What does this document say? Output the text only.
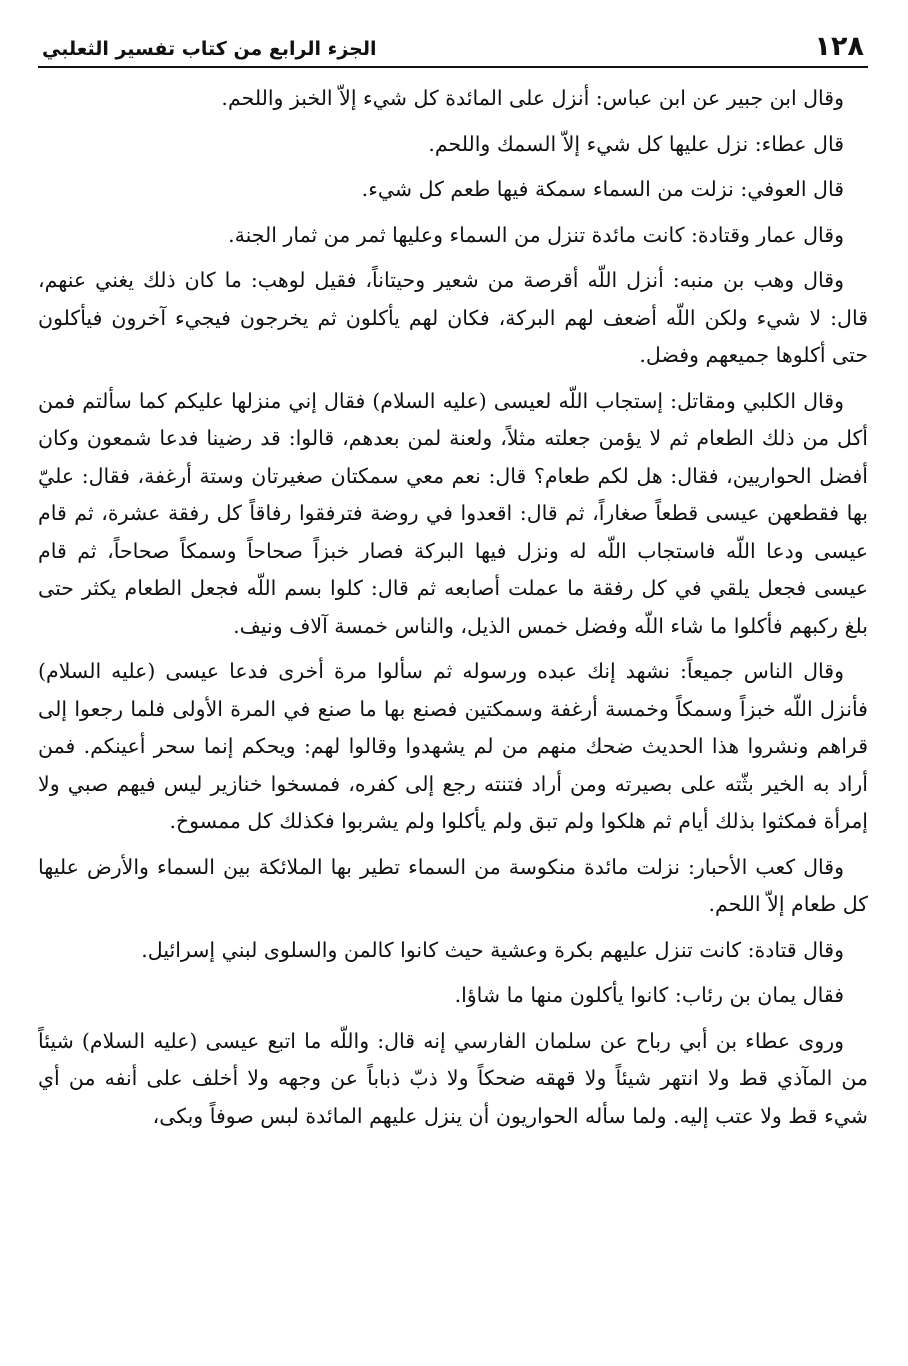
١٢٨
الجزء الرابع من كتاب تفسير الثعلبي

وقال ابن جبير عن ابن عباس: أنزل على المائدة كل شيء إلاّ الخبز واللحم.

قال عطاء: نزل عليها كل شيء إلاّ السمك واللحم.

قال العوفي: نزلت من السماء سمكة فيها طعم كل شيء.

وقال عمار وقتادة: كانت مائدة تنزل من السماء وعليها ثمر من ثمار الجنة.

وقال وهب بن منبه: أنزل اللّه أقرصة من شعير وحيتاناً، فقيل لوهب: ما كان ذلك يغني عنهم، قال: لا شيء ولكن اللّه أضعف لهم البركة، فكان لهم يأكلون ثم يخرجون فيجيء آخرون فيأكلون حتى أكلوها جميعهم وفضل.

وقال الكلبي ومقاتل: إستجاب اللّه لعيسى (عليه السلام) فقال إني منزلها عليكم كما سألتم فمن أكل من ذلك الطعام ثم لا يؤمن جعلته مثلاً، ولعنة لمن بعدهم، قالوا: قد رضينا فدعا شمعون وكان أفضل الحواريين، فقال: هل لكم طعام؟ قال: نعم معي سمكتان صغيرتان وستة أرغفة، فقال: عليّ بها فقطعهن عيسى قطعاً صغاراً، ثم قال: اقعدوا في روضة فترفقوا رفاقاً كل رفقة عشرة، ثم قام عيسى ودعا اللّه فاستجاب اللّه له ونزل فيها البركة فصار خبزاً صحاحاً وسمكاً صحاحاً، ثم قام عيسى فجعل يلقي في كل رفقة ما عملت أصابعه ثم قال: كلوا بسم اللّه فجعل الطعام يكثر حتى بلغ ركبهم فأكلوا ما شاء اللّه وفضل خمس الذيل، والناس خمسة آلاف ونيف.

وقال الناس جميعاً: نشهد إنك عبده ورسوله ثم سألوا مرة أخرى فدعا عيسى (عليه السلام) فأنزل اللّه خبزاً وسمكاً وخمسة أرغفة وسمكتين فصنع بها ما صنع في المرة الأولى فلما رجعوا إلى قراهم ونشروا هذا الحديث ضحك منهم من لم يشهدوا وقالوا لهم: ويحكم إنما سحر أعينكم. فمن أراد به الخير بثّته على بصيرته ومن أراد فتنته رجع إلى كفره، فمسخوا خنازير ليس فيهم صبي ولا إمرأة فمكثوا بذلك أيام ثم هلكوا ولم تبق ولم يأكلوا ولم يشربوا فكذلك كل ممسوخ.

وقال كعب الأحبار: نزلت مائدة منكوسة من السماء تطير بها الملائكة بين السماء والأرض عليها كل طعام إلاّ اللحم.

وقال قتادة: كانت تنزل عليهم بكرة وعشية حيث كانوا كالمن والسلوى لبني إسرائيل.

فقال يمان بن رئاب: كانوا يأكلون منها ما شاؤا.

وروى عطاء بن أبي رباح عن سلمان الفارسي إنه قال: واللّه ما اتبع عيسى (عليه السلام) شيئاً من المآذي قط ولا انتهر شيئاً ولا قهقه ضحكاً ولا ذبّ ذباباً عن وجهه ولا أخلف على أنفه من أي شيء قط ولا عتب إليه. ولما سأله الحواريون أن ينزل عليهم المائدة لبس صوفاً وبكى،
